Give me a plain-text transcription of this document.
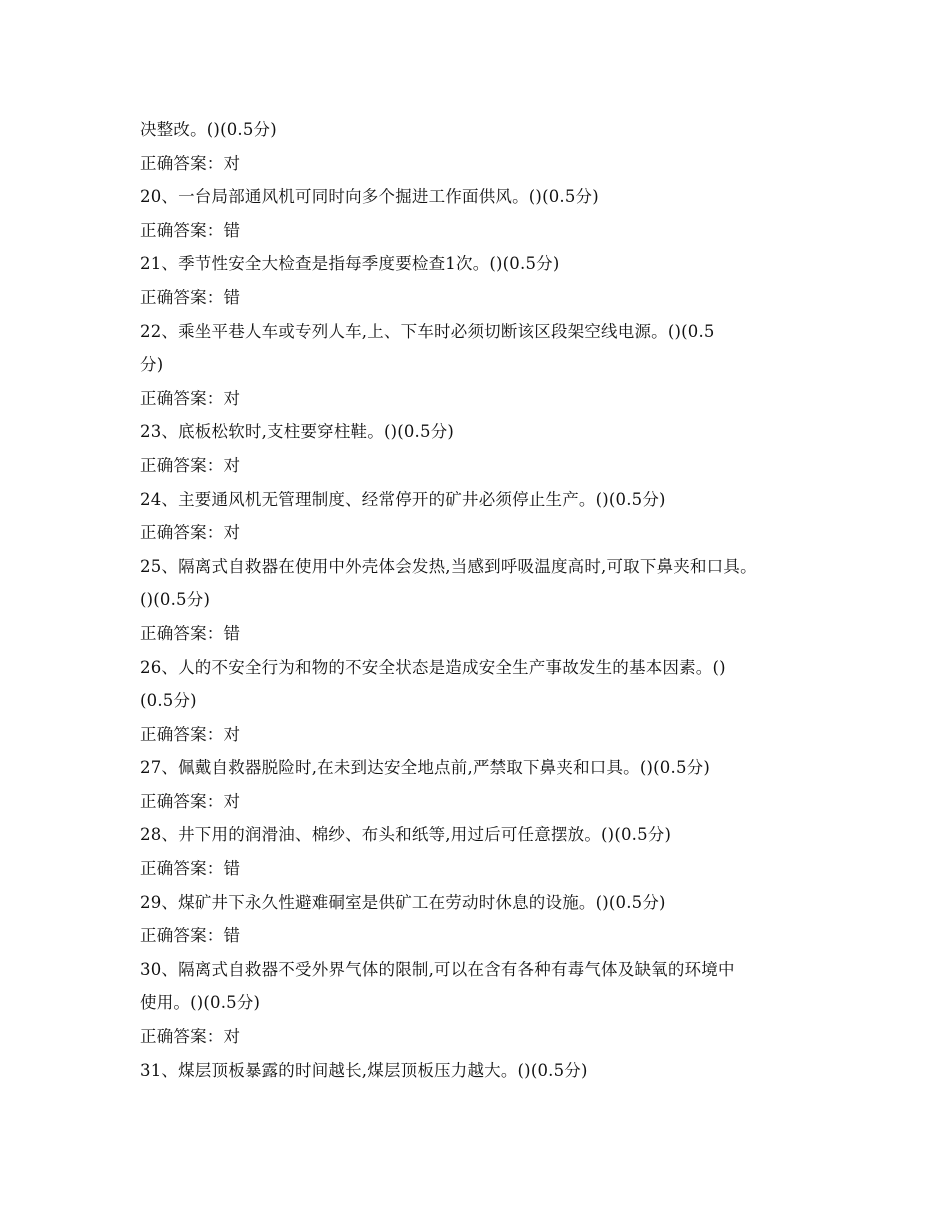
决整改。()(0.5分)
正确答案：对
20、一台局部通风机可同时向多个掘进工作面供风。()(0.5分)
正确答案：错
21、季节性安全大检查是指每季度要检查1次。()(0.5分)
正确答案：错
22、乘坐平巷人车或专列人车,上、下车时必须切断该区段架空线电源。()(0.5
分)
正确答案：对
23、底板松软时,支柱要穿柱鞋。()(0.5分)
正确答案：对
24、主要通风机无管理制度、经常停开的矿井必须停止生产。()(0.5分)
正确答案：对
25、隔离式自救器在使用中外壳体会发热,当感到呼吸温度高时,可取下鼻夹和口具。
()(0.5分)
正确答案：错
26、人的不安全行为和物的不安全状态是造成安全生产事故发生的基本因素。()
(0.5分)
正确答案：对
27、佩戴自救器脱险时,在未到达安全地点前,严禁取下鼻夹和口具。()(0.5分)
正确答案：对
28、井下用的润滑油、棉纱、布头和纸等,用过后可任意摆放。()(0.5分)
正确答案：错
29、煤矿井下永久性避难硐室是供矿工在劳动时休息的设施。()(0.5分)
正确答案：错
30、隔离式自救器不受外界气体的限制,可以在含有各种有毒气体及缺氧的环境中
使用。()(0.5分)
正确答案：对
31、煤层顶板暴露的时间越长,煤层顶板压力越大。()(0.5分)
